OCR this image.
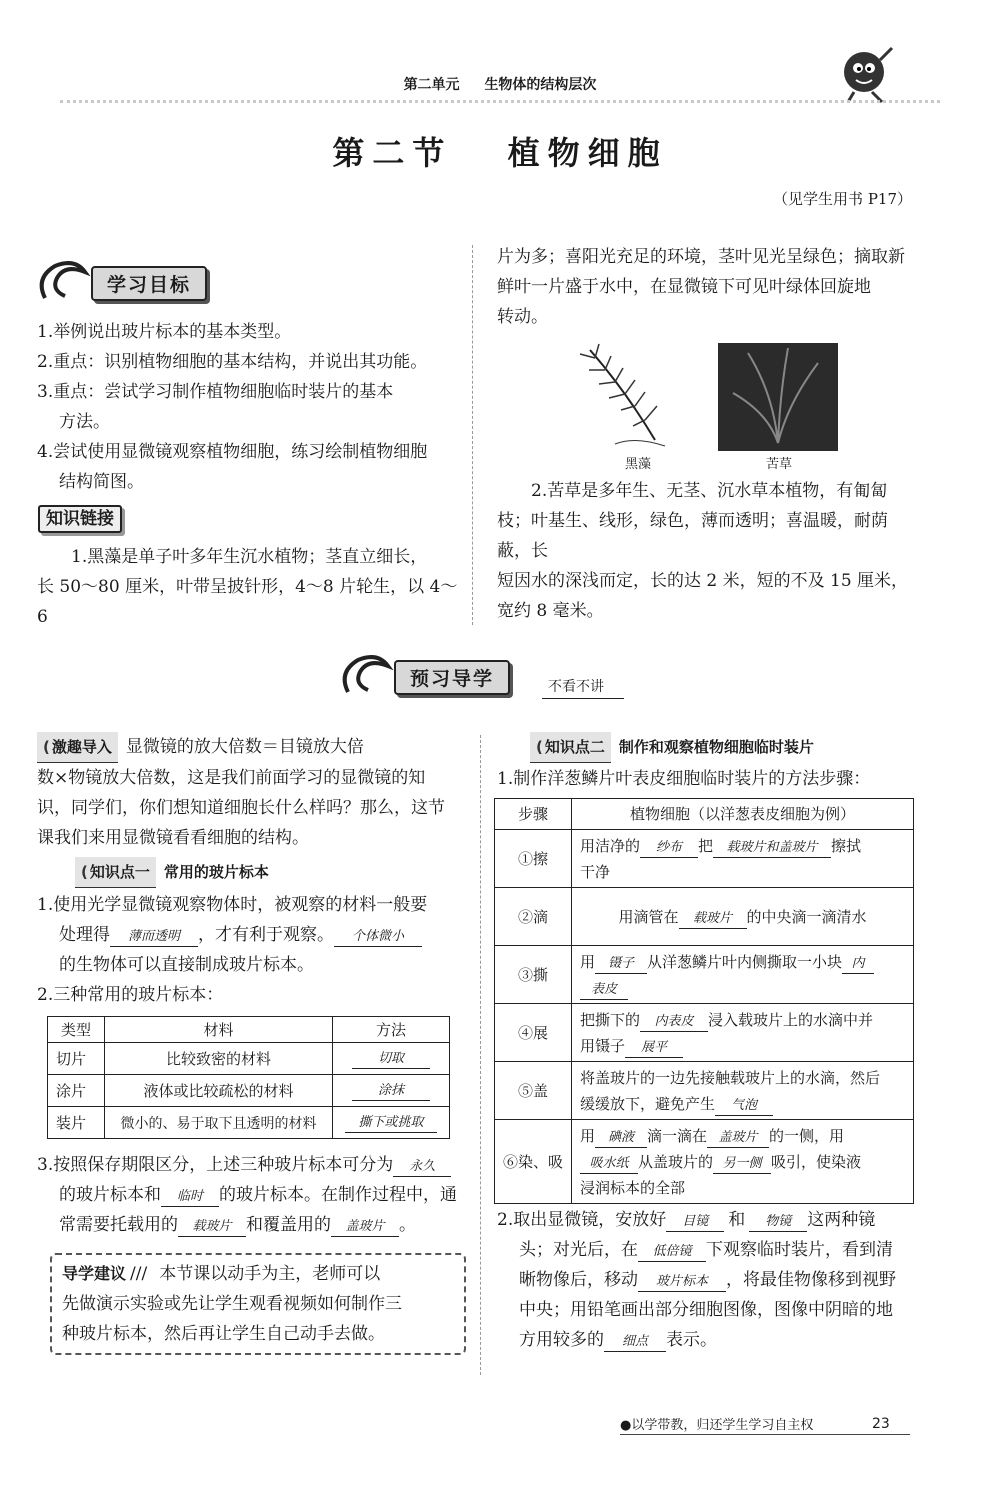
第二单元 生物体的结构层次
第二节 植物细胞
（见学生用书 P17）
学习目标
1.举例说出玻片标本的基本类型。
2.重点：识别植物细胞的基本结构，并说出其功能。
3.重点：尝试学习制作植物细胞临时装片的基本
方法。
4.尝试使用显微镜观察植物细胞，练习绘制植物细胞
结构简图。
知识链接
1.黑藻是单子叶多年生沉水植物；茎直立细长，
长 50～80 厘米，叶带呈披针形，4～8 片轮生，以 4～6
片为多；喜阳光充足的环境，茎叶见光呈绿色；摘取新
鲜叶一片盛于水中，在显微镜下可见叶绿体回旋地
转动。
黑藻	苦草
2.苦草是多年生、无茎、沉水草本植物，有匍匐
枝；叶基生、线形，绿色，薄而透明；喜温暖，耐荫蔽，长
短因水的深浅而定，长的达 2 米，短的不及 15 厘米，
宽约 8 毫米。
预习导学	不看不讲
( 激趣导入 显微镜的放大倍数＝目镜放大倍
数×物镜放大倍数，这是我们前面学习的显微镜的知
识，同学们，你们想知道细胞长什么样吗？那么，这节
课我们来用显微镜看看细胞的结构。
( 知识点一 常用的玻片标本
1.使用光学显微镜观察物体时，被观察的材料一般要
处理得 薄而透明 ，才有利于观察。 个体微小
的生物体可以直接制成玻片标本。
2.三种常用的玻片标本：
类型	材料	方法
切片	比较致密的材料	切取
涂片	液体或比较疏松的材料	涂抹
装片	微小的、易于取下且透明的材料	撕下或挑取
3.按照保存期限区分，上述三种玻片标本可分为 永久
的玻片标本和 临时 的玻片标本。在制作过程中，通
常需要托载用的 载玻片 和覆盖用的 盖玻片 。
导学建议 /// 本节课以动手为主，老师可以
先做演示实验或先让学生观看视频如何制作三
种玻片标本，然后再让学生自己动手去做。
( 知识点二 制作和观察植物细胞临时装片
1.制作洋葱鳞片叶表皮细胞临时装片的方法步骤：
步骤	植物细胞（以洋葱表皮细胞为例）
①擦	用洁净的 纱布 把 载玻片和盖玻片 擦拭
干净
②滴	用滴管在 载玻片 的中央滴一滴清水
③撕	用 镊子 从洋葱鳞片叶内侧撕取一小块 内
表皮
④展	把撕下的 内表皮 浸入载玻片上的水滴中并
用镊子 展平
⑤盖	将盖玻片的一边先接触载玻片上的水滴，然后
缓缓放下，避免产生 气泡
⑥染、吸	用 碘液 滴一滴在 盖玻片 的一侧，用
吸水纸 从盖玻片的 另一侧 吸引，使染液
浸润标本的全部
2.取出显微镜，安放好 目镜 和 物镜 这两种镜
头；对光后，在 低倍镜 下观察临时装片，看到清
晰物像后，移动 玻片标本 ，将最佳物像移到视野
中央；用铅笔画出部分细胞图像，图像中阴暗的地
方用较多的 细点 表示。
●以学带教，归还学生学习自主权	23
